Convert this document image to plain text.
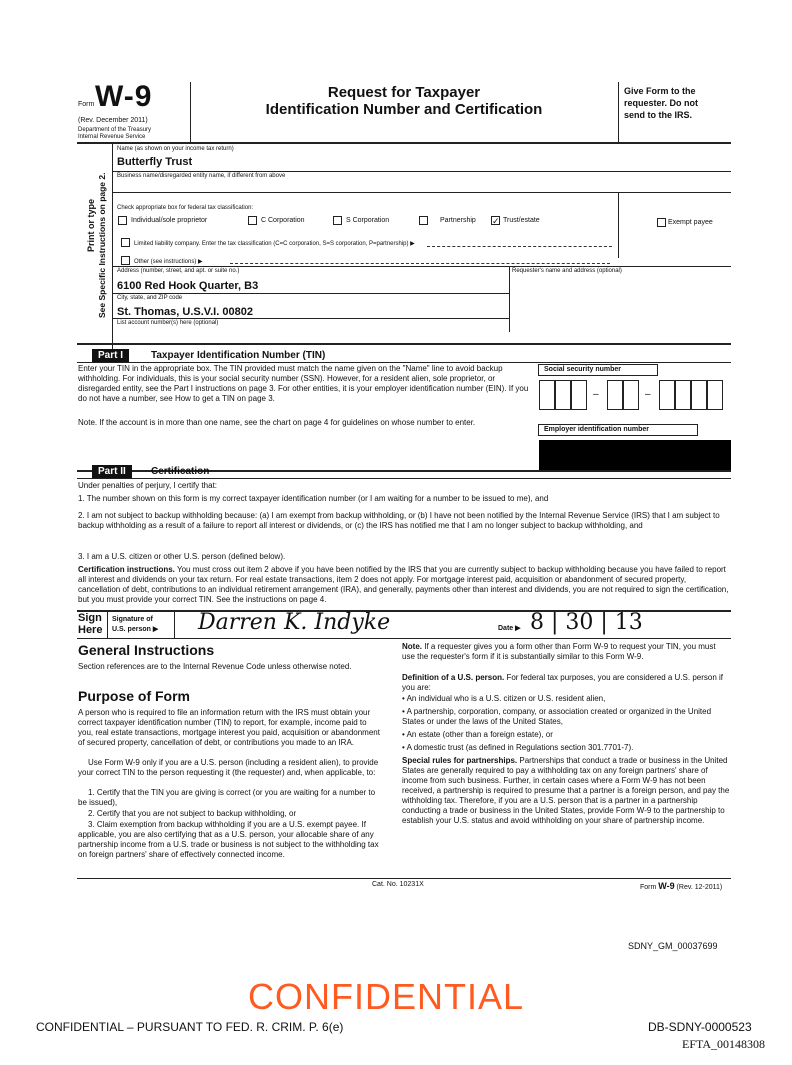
Form W-9
(Rev. December 2011)
Department of the Treasury
Internal Revenue Service
Request for Taxpayer
Identification Number and Certification
Give Form to the
requester. Do not
send to the IRS.
Print or type See Specific Instructions on page 2.
Name (as shown on your income tax return)
Butterfly Trust
Business name/disregarded entity name, if different from above
Check appropriate box for federal tax classification:
Individual/sole proprietor	C Corporation	S Corporation	Partnership ✓ Trust/estate
Limited liability company. Enter the tax classification (C=C corporation, S=S corporation, P=partnership) ▶
Exempt payee
Other (see instructions) ▶
Address (number, street, and apt. or suite no.)
6100 Red Hook Quarter, B3
Requester's name and address (optional)
City, state, and ZIP code
St. Thomas, U.S.V.I. 00802
List account number(s) here (optional)
Part I	Taxpayer Identification Number (TIN)
Enter your TIN in the appropriate box. The TIN provided must match the name given on the "Name" line to avoid backup withholding. For individuals, this is your social security number (SSN). However, for a resident alien, sole proprietor, or disregarded entity, see the Part I instructions on page 3. For other entities, it is your employer identification number (EIN). If you do not have a number, see How to get a TIN on page 3.
Note. If the account is in more than one name, see the chart on page 4 for guidelines on whose number to enter.
Social security number
–	–
Employer identification number
Part II	Certification
Under penalties of perjury, I certify that:
1. The number shown on this form is my correct taxpayer identification number (or I am waiting for a number to be issued to me), and
2. I am not subject to backup withholding because: (a) I am exempt from backup withholding, or (b) I have not been notified by the Internal Revenue Service (IRS) that I am subject to backup withholding as a result of a failure to report all interest or dividends, or (c) the IRS has notified me that I am no longer subject to backup withholding, and
3. I am a U.S. citizen or other U.S. person (defined below).
Certification instructions. You must cross out item 2 above if you have been notified by the IRS that you are currently subject to backup withholding because you have failed to report all interest and dividends on your tax return. For real estate transactions, item 2 does not apply. For mortgage interest paid, acquisition or abandonment of secured property, cancellation of debt, contributions to an individual retirement arrangement (IRA), and generally, payments other than interest and dividends, you are not required to sign the certification, but you must provide your correct TIN. See the instructions on page 4.
Sign
Here
Signature of
U.S. person ▶ Darren K. Indyke	Date ▶ 8 | 30 | 13
General Instructions
Section references are to the Internal Revenue Code unless otherwise noted.
Purpose of Form
A person who is required to file an information return with the IRS must obtain your correct taxpayer identification number (TIN) to report, for example, income paid to you, real estate transactions, mortgage interest you paid, acquisition or abandonment of secured property, cancellation of debt, or contributions you made to an IRA.
Use Form W-9 only if you are a U.S. person (including a resident alien), to provide your correct TIN to the person requesting it (the requester) and, when applicable, to:
1. Certify that the TIN you are giving is correct (or you are waiting for a number to be issued),
2. Certify that you are not subject to backup withholding, or
3. Claim exemption from backup withholding if you are a U.S. exempt payee. If applicable, you are also certifying that as a U.S. person, your allocable share of any partnership income from a U.S. trade or business is not subject to the withholding tax on foreign partners' share of effectively connected income.
Note. If a requester gives you a form other than Form W-9 to request your TIN, you must use the requester's form if it is substantially similar to this Form W-9.
Definition of a U.S. person. For federal tax purposes, you are considered a U.S. person if you are:
• An individual who is a U.S. citizen or U.S. resident alien,
• A partnership, corporation, company, or association created or organized in the United States or under the laws of the United States,
• An estate (other than a foreign estate), or
• A domestic trust (as defined in Regulations section 301.7701-7).
Special rules for partnerships. Partnerships that conduct a trade or business in the United States are generally required to pay a withholding tax on any foreign partners' share of income from such business. Further, in certain cases where a Form W-9 has not been received, a partnership is required to presume that a partner is a foreign person, and pay the withholding tax. Therefore, if you are a U.S. person that is a partner in a partnership conducting a trade or business in the United States, provide Form W-9 to the partnership to establish your U.S. status and avoid withholding on your share of partnership income.
Cat. No. 10231X	Form W-9 (Rev. 12-2011)
SDNY_GM_00037699
CONFIDENTIAL
CONFIDENTIAL – PURSUANT TO FED. R. CRIM. P. 6(e)	DB-SDNY-0000523
EFTA_00148308
